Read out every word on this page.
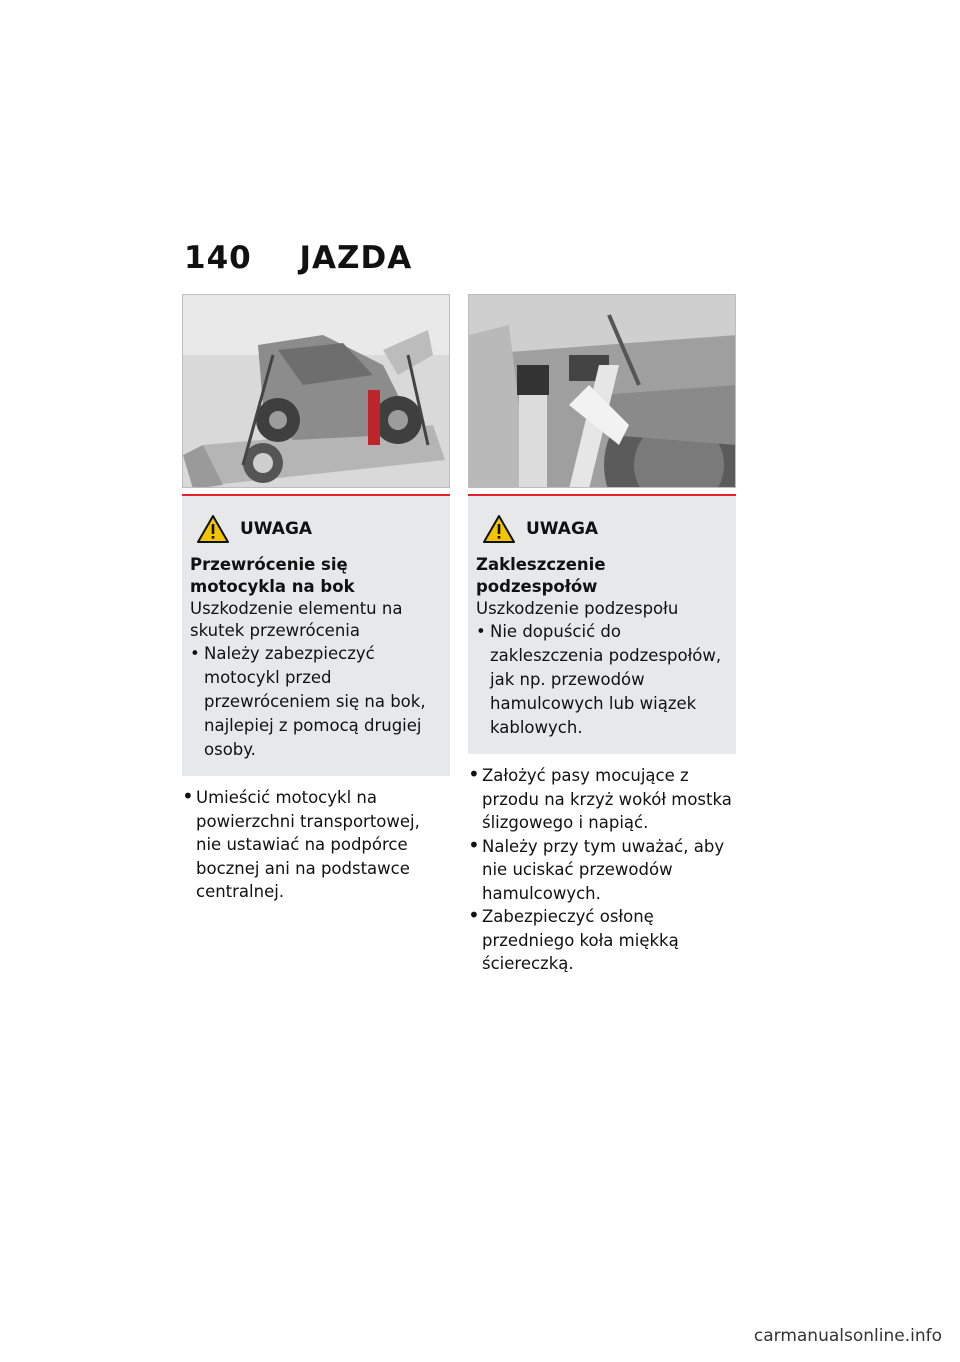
140 JAZDA
UWAGA
Przewrócenie się motocykla na bok
Uszkodzenie elementu na skutek przewrócenia
• Należy zabezpieczyć motocykl przed przewróceniem się na bok, najlepiej z pomocą drugiej osoby.
• Umieścić motocykl na powierzchni transportowej, nie ustawiać na podpórce bocznej ani na podstawce centralnej.
UWAGA
Zakleszczenie podzespołów
Uszkodzenie podzespołu
• Nie dopuścić do zakleszczenia podzespołów, jak np. przewodów hamulcowych lub wiązek kablowych.
• Założyć pasy mocujące z przodu na krzyż wokół mostka ślizgowego i napiąć.
• Należy przy tym uważać, aby nie uciskać przewodów hamulcowych.
• Zabezpieczyć osłonę przedniego koła miękką ściereczką.
carmanualsonline.info
